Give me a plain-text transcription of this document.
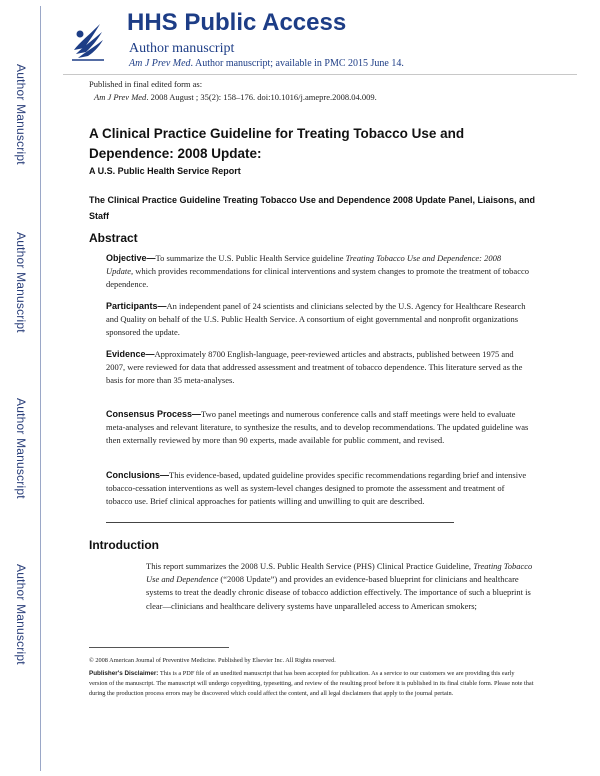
Author Manuscript
Author Manuscript
Author Manuscript
Author Manuscript
HHS Public Access
Author manuscript
Am J Prev Med. Author manuscript; available in PMC 2015 June 14.
Published in final edited form as:
Am J Prev Med. 2008 August ; 35(2): 158–176. doi:10.1016/j.amepre.2008.04.009.
A Clinical Practice Guideline for Treating Tobacco Use and Dependence: 2008 Update:
A U.S. Public Health Service Report
The Clinical Practice Guideline Treating Tobacco Use and Dependence 2008 Update Panel, Liaisons, and Staff
Abstract
Objective—To summarize the U.S. Public Health Service guideline Treating Tobacco Use and Dependence: 2008 Update, which provides recommendations for clinical interventions and system changes to promote the treatment of tobacco dependence.
Participants—An independent panel of 24 scientists and clinicians selected by the U.S. Agency for Healthcare Research and Quality on behalf of the U.S. Public Health Service. A consortium of eight governmental and nonprofit organizations sponsored the update.
Evidence—Approximately 8700 English-language, peer-reviewed articles and abstracts, published between 1975 and 2007, were reviewed for data that addressed assessment and treatment of tobacco dependence. This literature served as the basis for more than 35 meta-analyses.
Consensus Process—Two panel meetings and numerous conference calls and staff meetings were held to evaluate meta-analyses and relevant literature, to synthesize the results, and to develop recommendations. The updated guideline was then externally reviewed by more than 90 experts, made available for public comment, and revised.
Conclusions—This evidence-based, updated guideline provides specific recommendations regarding brief and intensive tobacco-cessation interventions as well as system-level changes designed to promote the assessment and treatment of tobacco use. Brief clinical approaches for patients willing and unwilling to quit are described.
Introduction
This report summarizes the 2008 U.S. Public Health Service (PHS) Clinical Practice Guideline, Treating Tobacco Use and Dependence (“2008 Update”) and provides an evidence-based blueprint for clinicians and healthcare systems to treat the deadly chronic disease of tobacco addiction effectively. The importance of such a blueprint is clear—clinicians and healthcare delivery systems have unparalleled access to American smokers;
© 2008 American Journal of Preventive Medicine. Published by Elsevier Inc. All Rights reserved.
Publisher's Disclaimer: This is a PDF file of an unedited manuscript that has been accepted for publication. As a service to our customers we are providing this early version of the manuscript. The manuscript will undergo copyediting, typesetting, and review of the resulting proof before it is published in its final citable form. Please note that during the production process errors may be discovered which could affect the content, and all legal disclaimers that apply to the journal pertain.
